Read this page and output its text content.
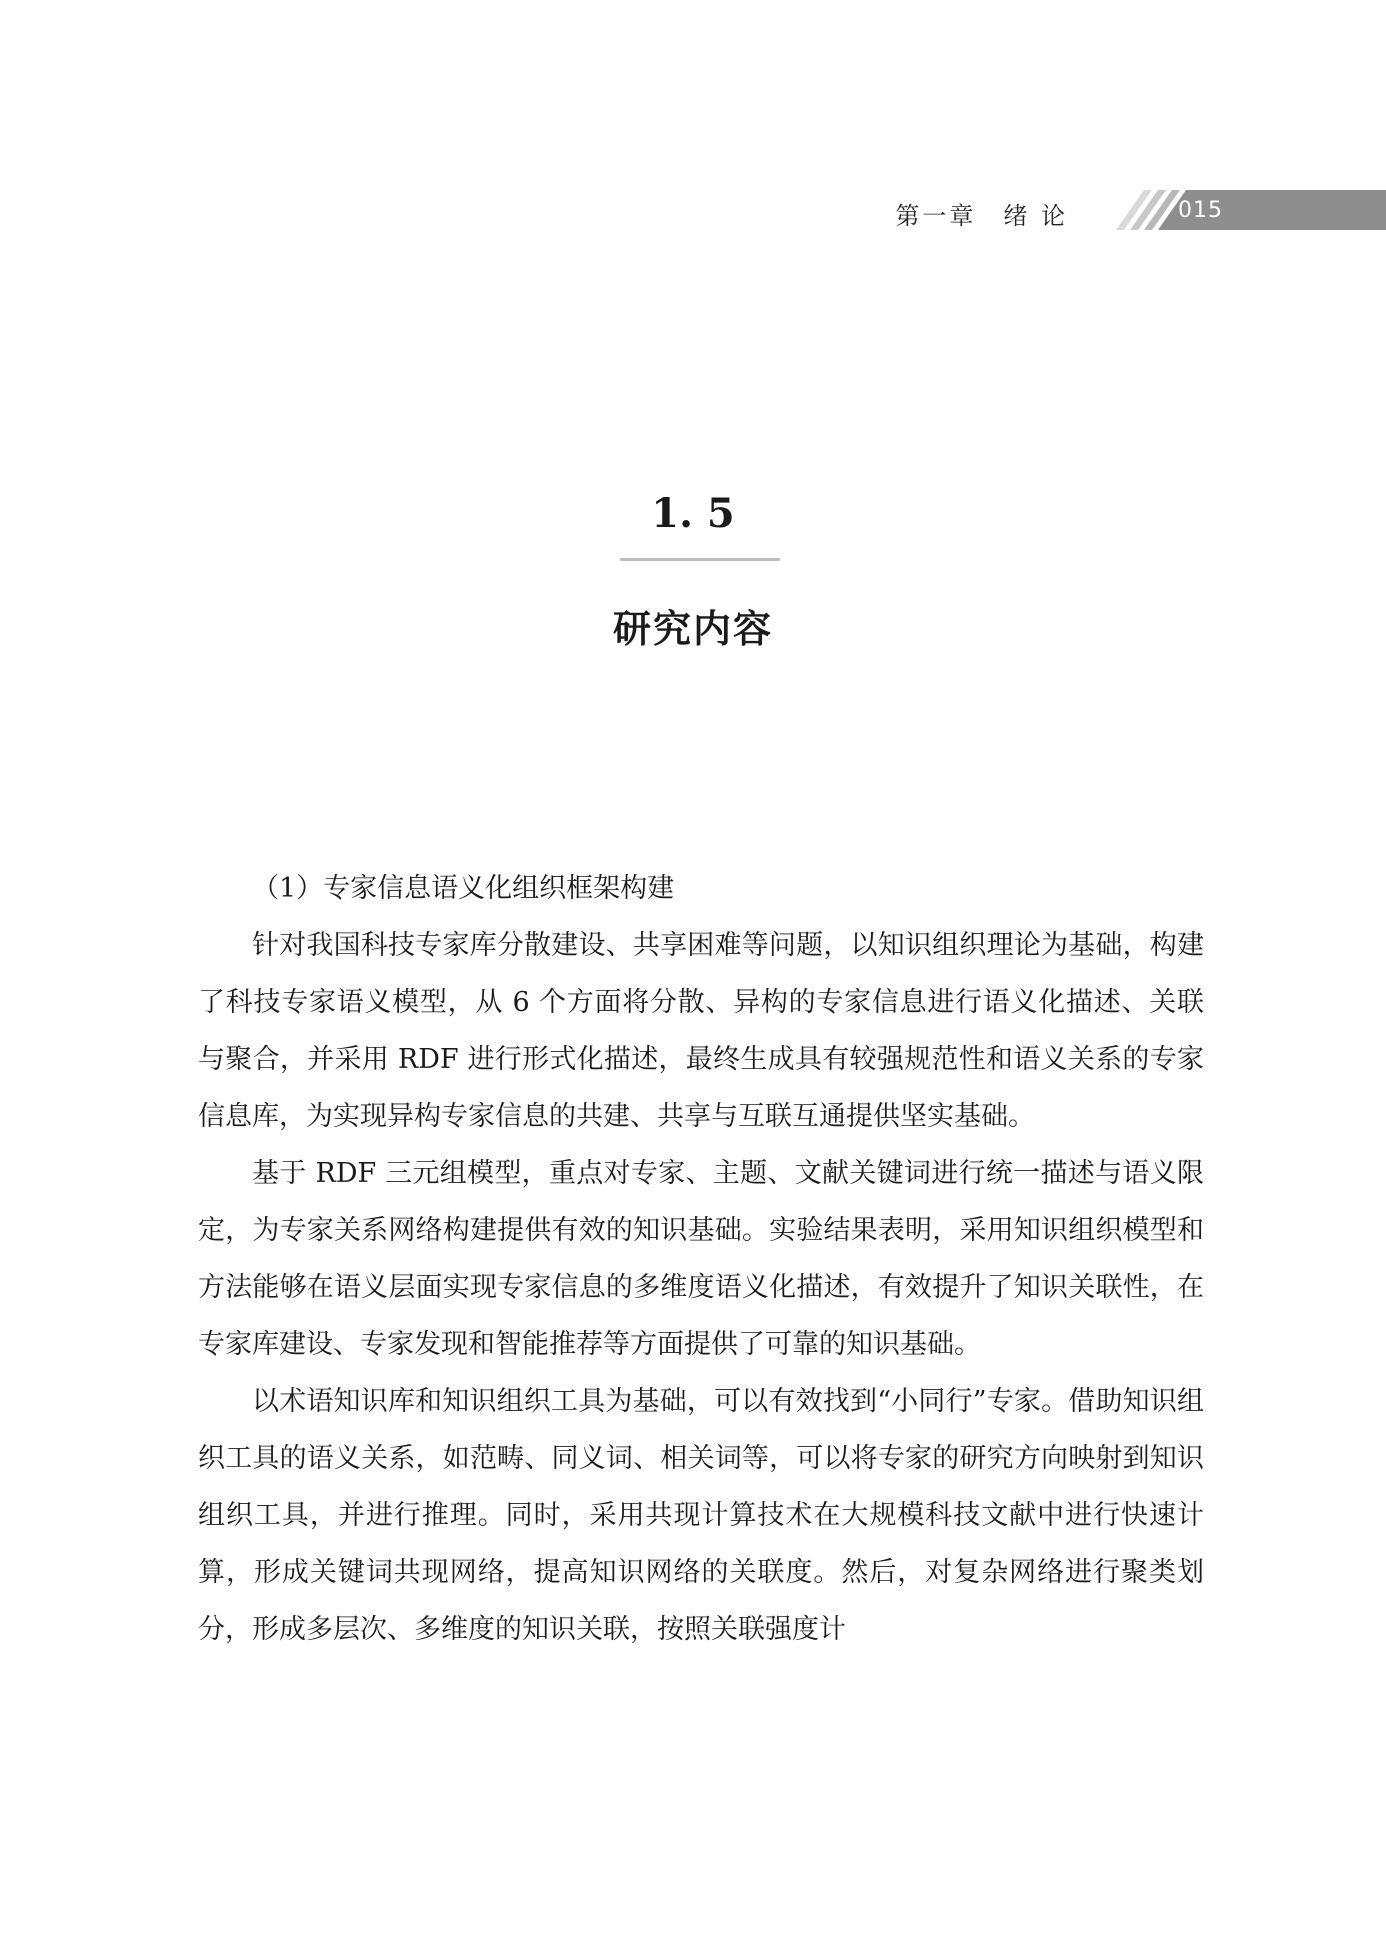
第一章　绪 论	015
1. 5
研究内容

（1）专家信息语义化组织框架构建

针对我国科技专家库分散建设、共享困难等问题，以知识组织理论为基础，构建了科技专家语义模型，从 6 个方面将分散、异构的专家信息进行语义化描述、关联与聚合，并采用 RDF 进行形式化描述，最终生成具有较强规范性和语义关系的专家信息库，为实现异构专家信息的共建、共享与互联互通提供坚实基础。

基于 RDF 三元组模型，重点对专家、主题、文献关键词进行统一描述与语义限定，为专家关系网络构建提供有效的知识基础。实验结果表明，采用知识组织模型和方法能够在语义层面实现专家信息的多维度语义化描述，有效提升了知识关联性，在专家库建设、专家发现和智能推荐等方面提供了可靠的知识基础。

以术语知识库和知识组织工具为基础，可以有效找到“小同行”专家。借助知识组织工具的语义关系，如范畴、同义词、相关词等，可以将专家的研究方向映射到知识组织工具，并进行推理。同时，采用共现计算技术在大规模科技文献中进行快速计算，形成关键词共现网络，提高知识网络的关联度。然后，对复杂网络进行聚类划分，形成多层次、多维度的知识关联，按照关联强度计
